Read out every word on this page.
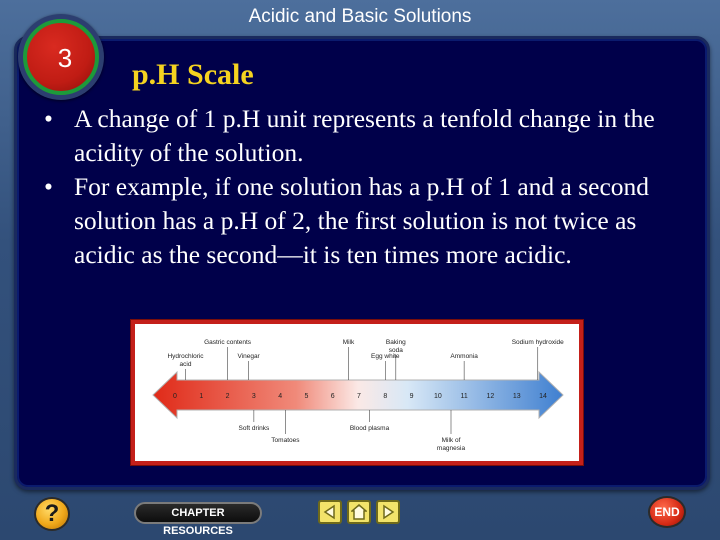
Acidic and Basic Solutions
3	p.H Scale
• A change of 1 p.H unit represents a tenfold change in the acidity of the solution.
• For example, if one solution has a p.H of 1 and a second solution has a p.H of 2, the first solution is not twice as acidic as the second—it is ten times more acidic.
0	1	2	3	4	5	6	7	8	9	10	11	12	13	14
Hydrochloric
acid
Gastric contents
Vinegar
Milk
Egg white
Baking
soda
Ammonia
Sodium hydroxide
Soft drinks
Tomatoes
Blood plasma
Milk of
magnesia
?	CHAPTER RESOURCES
END
